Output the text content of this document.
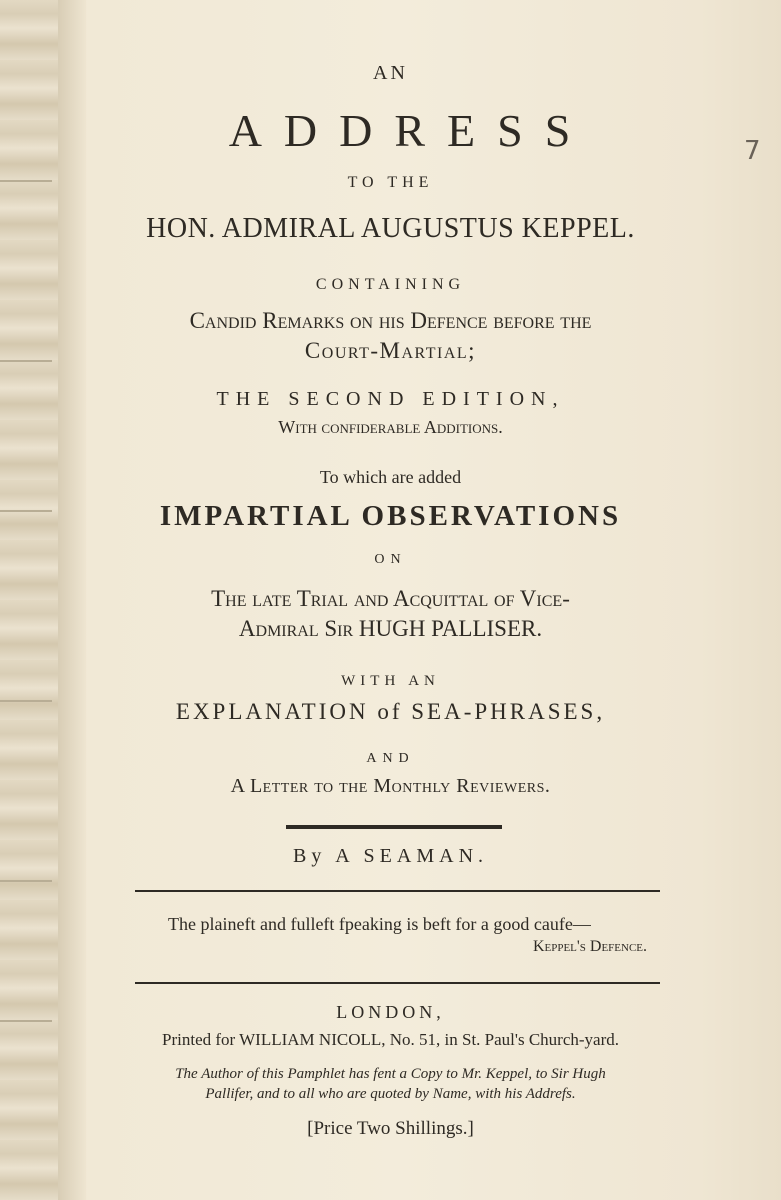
7
AN
ADDRESS
TO THE
HON. ADMIRAL AUGUSTUS KEPPEL.
CONTAINING
Candid Remarks on his Defence before the
Court-Martial;
THE SECOND EDITION,
With confiderable Additions.
To which are added
IMPARTIAL OBSERVATIONS
ON
The late Trial and Acquittal of Vice-
Admiral Sir HUGH PALLISER.
WITH AN
EXPLANATION of SEA-PHRASES,
AND
A Letter to the Monthly Reviewers.
By A SEAMAN.
The plaineft and fulleft fpeaking is beft for a good caufe—
Keppel's Defence.
LONDON,
Printed for WILLIAM NICOLL, No. 51, in St. Paul's Church-yard.
The Author of this Pamphlet has fent a Copy to Mr. Keppel, to Sir Hugh
Pallifer, and to all who are quoted by Name, with his Addrefs.
[Price Two Shillings.]
